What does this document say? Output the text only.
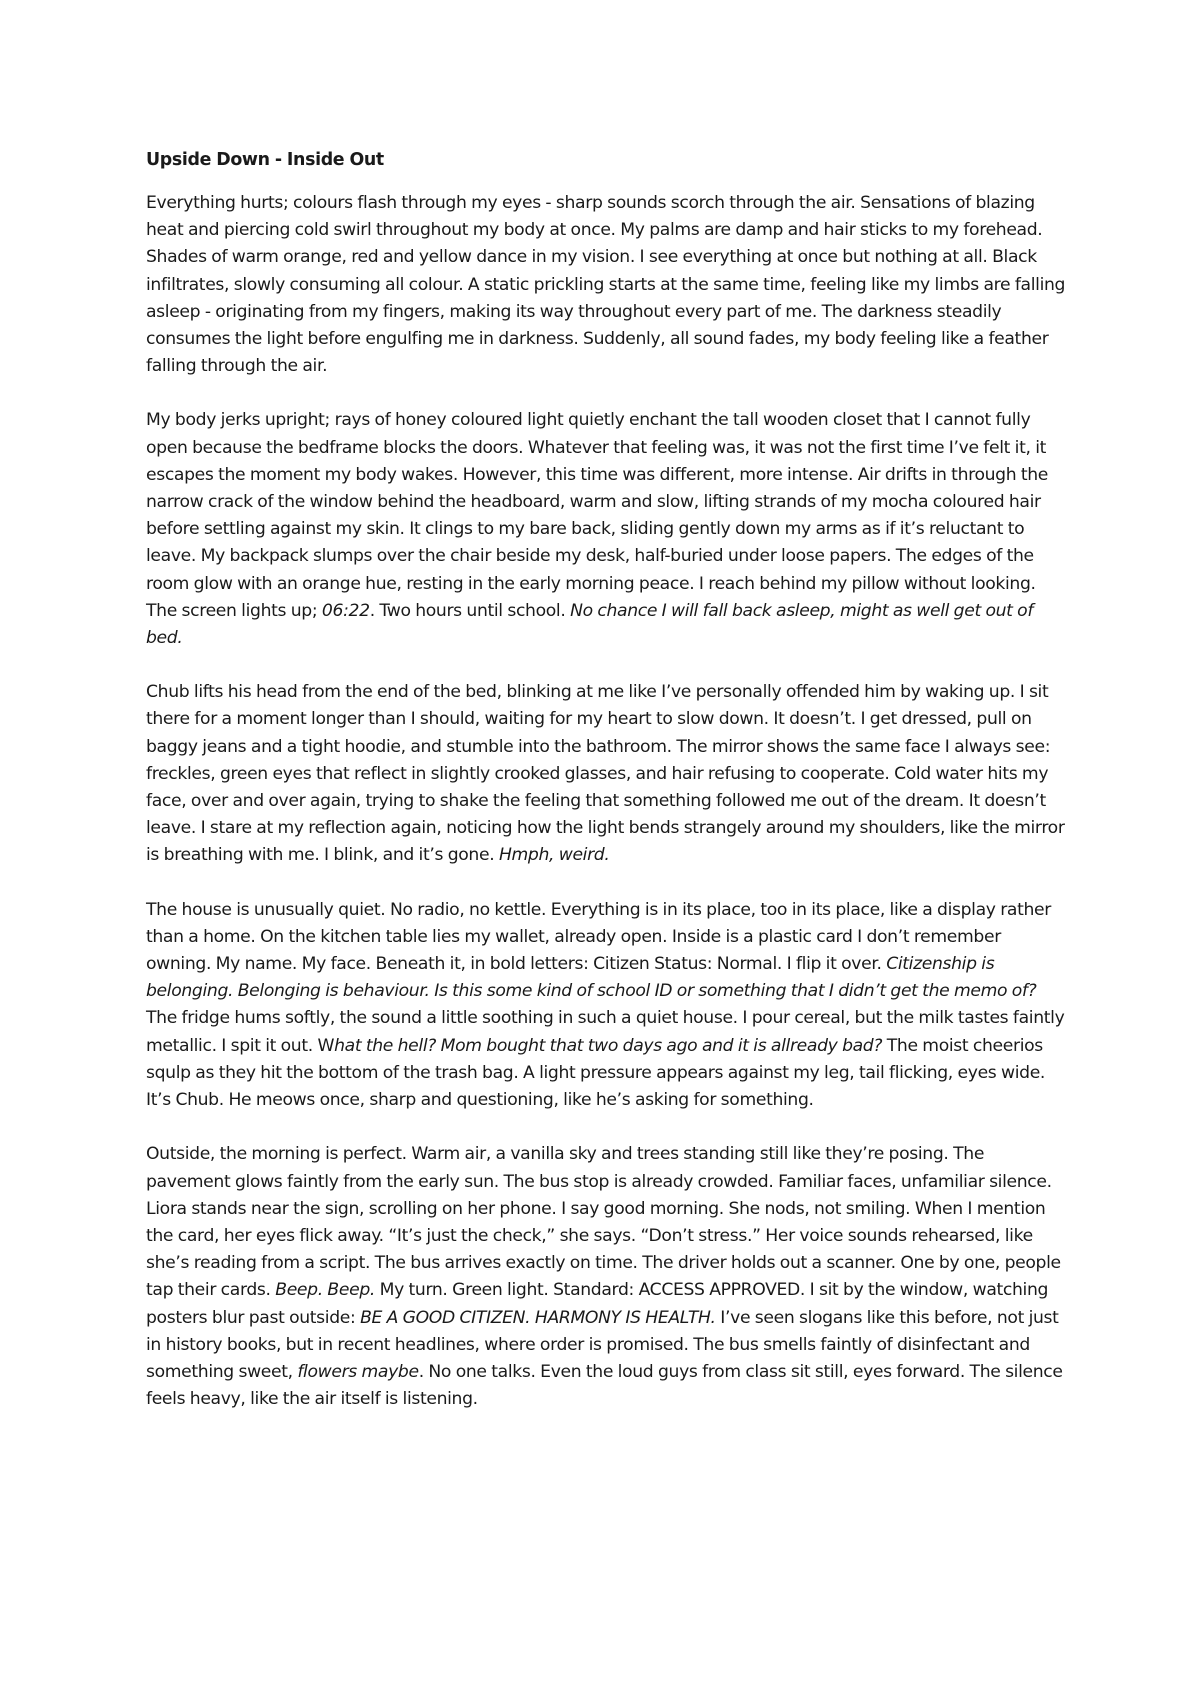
Upside Down - Inside Out

Everything hurts; colours flash through my eyes - sharp sounds scorch through the air. Sensations of blazing heat and piercing cold swirl throughout my body at once. My palms are damp and hair sticks to my forehead. Shades of warm orange, red and yellow dance in my vision. I see everything at once but nothing at all. Black infiltrates, slowly consuming all colour. A static prickling starts at the same time, feeling like my limbs are falling asleep - originating from my fingers, making its way throughout every part of me. The darkness steadily consumes the light before engulfing me in darkness. Suddenly, all sound fades, my body feeling like a feather falling through the air.

My body jerks upright; rays of honey coloured light quietly enchant the tall wooden closet that I cannot fully open because the bedframe blocks the doors. Whatever that feeling was, it was not the first time I’ve felt it, it escapes the moment my body wakes. However, this time was different, more intense. Air drifts in through the narrow crack of the window behind the headboard, warm and slow, lifting strands of my mocha coloured hair before settling against my skin. It clings to my bare back, sliding gently down my arms as if it’s reluctant to leave. My backpack slumps over the chair beside my desk, half-buried under loose papers. The edges of the room glow with an orange hue, resting in the early morning peace. I reach behind my pillow without looking. The screen lights up; 06:22. Two hours until school. No chance I will fall back asleep, might as well get out of bed.

Chub lifts his head from the end of the bed, blinking at me like I’ve personally offended him by waking up. I sit there for a moment longer than I should, waiting for my heart to slow down. It doesn’t. I get dressed, pull on baggy jeans and a tight hoodie, and stumble into the bathroom. The mirror shows the same face I always see: freckles, green eyes that reflect in slightly crooked glasses, and hair refusing to cooperate. Cold water hits my face, over and over again, trying to shake the feeling that something followed me out of the dream. It doesn’t leave. I stare at my reflection again, noticing how the light bends strangely around my shoulders, like the mirror is breathing with me. I blink, and it’s gone. Hmph, weird.

The house is unusually quiet. No radio, no kettle. Everything is in its place, too in its place, like a display rather than a home. On the kitchen table lies my wallet, already open. Inside is a plastic card I don’t remember owning. My name. My face. Beneath it, in bold letters: Citizen Status: Normal. I flip it over. Citizenship is belonging. Belonging is behaviour. Is this some kind of school ID or something that I didn’t get the memo of? The fridge hums softly, the sound a little soothing in such a quiet house. I pour cereal, but the milk tastes faintly metallic. I spit it out. What the hell? Mom bought that two days ago and it is allready bad? The moist cheerios squlp as they hit the bottom of the trash bag. A light pressure appears against my leg, tail flicking, eyes wide. It’s Chub. He meows once, sharp and questioning, like he’s asking for something.

Outside, the morning is perfect. Warm air, a vanilla sky and trees standing still like they’re posing. The pavement glows faintly from the early sun. The bus stop is already crowded. Familiar faces, unfamiliar silence. Liora stands near the sign, scrolling on her phone. I say good morning. She nods, not smiling. When I mention the card, her eyes flick away. “It’s just the check,” she says. “Don’t stress.” Her voice sounds rehearsed, like she’s reading from a script. The bus arrives exactly on time. The driver holds out a scanner. One by one, people tap their cards. Beep. Beep. My turn. Green light. Standard: ACCESS APPROVED. I sit by the window, watching posters blur past outside: BE A GOOD CITIZEN. HARMONY IS HEALTH. I’ve seen slogans like this before, not just in history books, but in recent headlines, where order is promised. The bus smells faintly of disinfectant and something sweet, flowers maybe. No one talks. Even the loud guys from class sit still, eyes forward. The silence feels heavy, like the air itself is listening.
